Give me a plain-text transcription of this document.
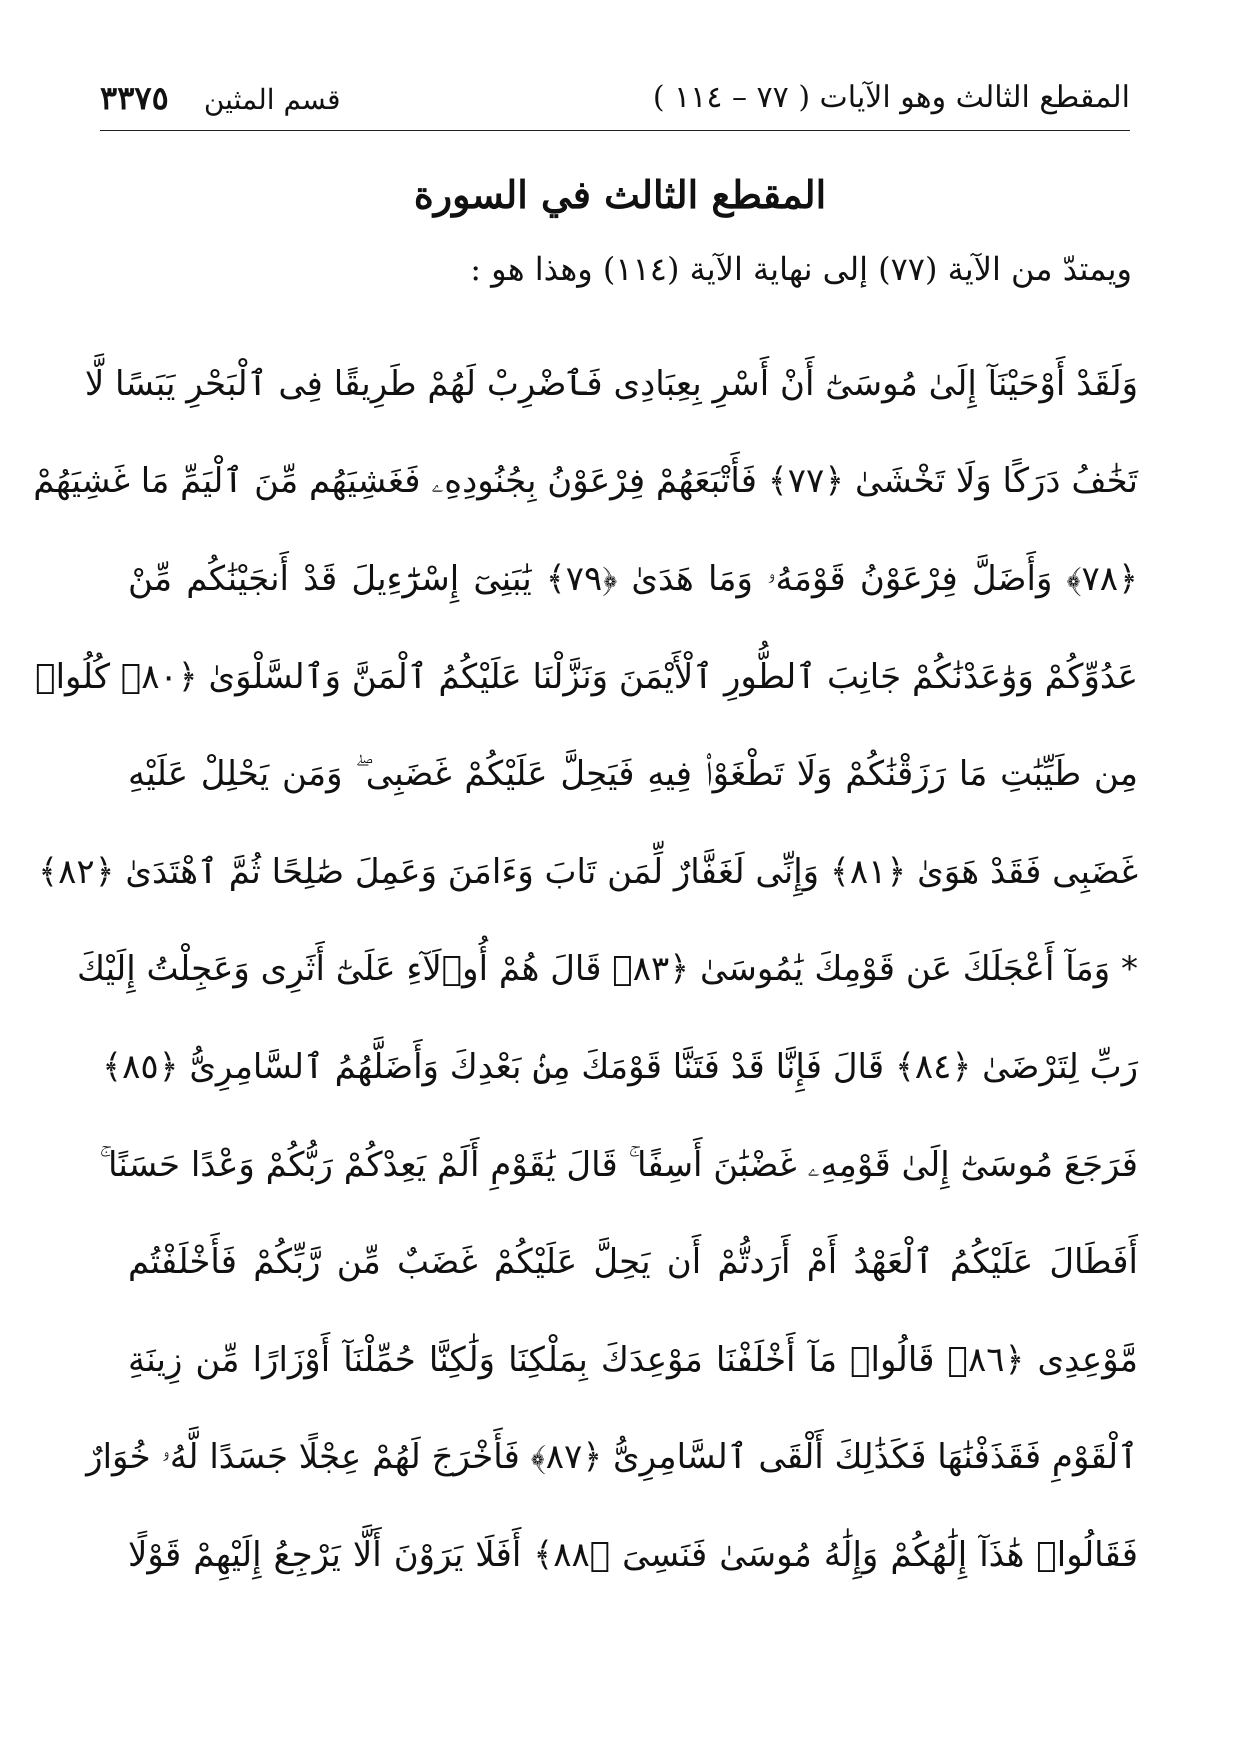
المقطع الثالث وهو الآيات ( ٧٧ – ١١٤ )
قسم المثين ٣٣٧٥
المقطع الثالث في السورة
ويمتدّ من الآية (٧٧) إلى نهاية الآية (١١٤) وهذا هو :
وَلَقَدْ أَوْحَيْنَآ إِلَىٰ مُوسَىٰٓ أَنْ أَسْرِ بِعِبَادِى فَٱضْرِبْ لَهُمْ طَرِيقًا فِى ٱلْبَحْرِ يَبَسًا لَّا
تَخَٰفُ دَرَكًا وَلَا تَخْشَىٰ ﴿٧٧﴾ فَأَتْبَعَهُمْ فِرْعَوْنُ بِجُنُودِهِۦ فَغَشِيَهُم مِّنَ ٱلْيَمِّ مَا غَشِيَهُمْ
﴿٧٨﴾ وَأَضَلَّ فِرْعَوْنُ قَوْمَهُۥ وَمَا هَدَىٰ ﴿٧٩﴾ يَٰبَنِىٓ إِسْرَٰٓءِيلَ قَدْ أَنجَيْنَٰكُم مِّنْ
عَدُوِّكُمْ وَوَٰعَدْنَٰكُمْ جَانِبَ ٱلطُّورِ ٱلْأَيْمَنَ وَنَزَّلْنَا عَلَيْكُمُ ٱلْمَنَّ وَٱلسَّلْوَىٰ ﴿٨٠﴾ كُلُوا۟
مِن طَيِّبَٰتِ مَا رَزَقْنَٰكُمْ وَلَا تَطْغَوْا۟ فِيهِ فَيَحِلَّ عَلَيْكُمْ غَضَبِى ۖ وَمَن يَحْلِلْ عَلَيْهِ
غَضَبِى فَقَدْ هَوَىٰ ﴿٨١﴾ وَإِنِّى لَغَفَّارٌ لِّمَن تَابَ وَءَامَنَ وَعَمِلَ صَٰلِحًا ثُمَّ ٱهْتَدَىٰ ﴿٨٢﴾
* وَمَآ أَعْجَلَكَ عَن قَوْمِكَ يَٰمُوسَىٰ ﴿٨٣﴾ قَالَ هُمْ أُو۟لَآءِ عَلَىٰٓ أَثَرِى وَعَجِلْتُ إِلَيْكَ
رَبِّ لِتَرْضَىٰ ﴿٨٤﴾ قَالَ فَإِنَّا قَدْ فَتَنَّا قَوْمَكَ مِنۢ بَعْدِكَ وَأَضَلَّهُمُ ٱلسَّامِرِىُّ ﴿٨٥﴾
فَرَجَعَ مُوسَىٰٓ إِلَىٰ قَوْمِهِۦ غَضْبَٰنَ أَسِفًا ۚ قَالَ يَٰقَوْمِ أَلَمْ يَعِدْكُمْ رَبُّكُمْ وَعْدًا حَسَنًا ۚ
أَفَطَالَ عَلَيْكُمُ ٱلْعَهْدُ أَمْ أَرَدتُّمْ أَن يَحِلَّ عَلَيْكُمْ غَضَبٌ مِّن رَّبِّكُمْ فَأَخْلَفْتُم
مَّوْعِدِى ﴿٨٦﴾ قَالُوا۟ مَآ أَخْلَفْنَا مَوْعِدَكَ بِمَلْكِنَا وَلَٰكِنَّا حُمِّلْنَآ أَوْزَارًا مِّن زِينَةِ
ٱلْقَوْمِ فَقَذَفْنَٰهَا فَكَذَٰلِكَ أَلْقَى ٱلسَّامِرِىُّ ﴿٨٧﴾ فَأَخْرَجَ لَهُمْ عِجْلًا جَسَدًا لَّهُۥ خُوَارٌ
فَقَالُوا۟ هَٰذَآ إِلَٰهُكُمْ وَإِلَٰهُ مُوسَىٰ فَنَسِىَ ﴿٨٨﴾ أَفَلَا يَرَوْنَ أَلَّا يَرْجِعُ إِلَيْهِمْ قَوْلًا
